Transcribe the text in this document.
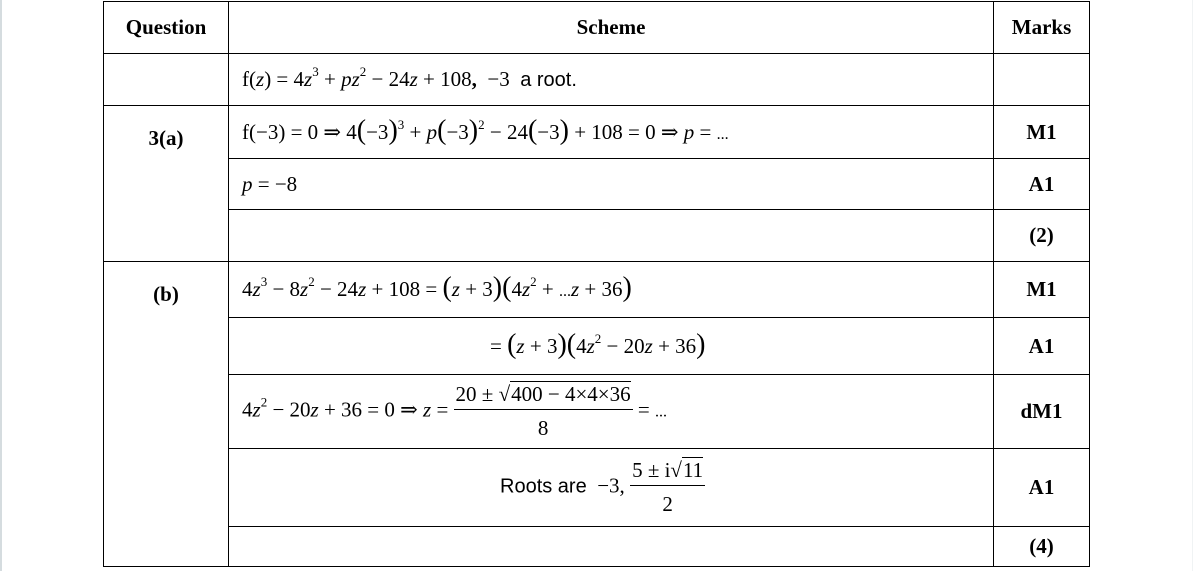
Question	Scheme	Marks
	$f(z) = 4z^3 + pz^2 - 24z + 108$,  −3  a root.	
3(a)	f(−3) = 0 ⇒ $4(-3)^3 + p(-3)^2 - 24(-3) + 108 = 0$ ⇒ p = ...	M1
	p = −8	A1
		(2)
(b)	$4z^3 - 8z^2 - 24z + 108 = (z + 3)(4z^2 + ...z + 36)$	M1
	= $(z + 3)(4z^2 - 20z + 36)$	A1
	$4z^2 - 20z + 36 = 0$ ⇒ $z = \frac{20 \pm √400 - 4\times 4\times 36}{8}$ = ...	dM1
	Roots are  −3, $\frac{5 \pm i√11}{2}$	A1
		(4)
